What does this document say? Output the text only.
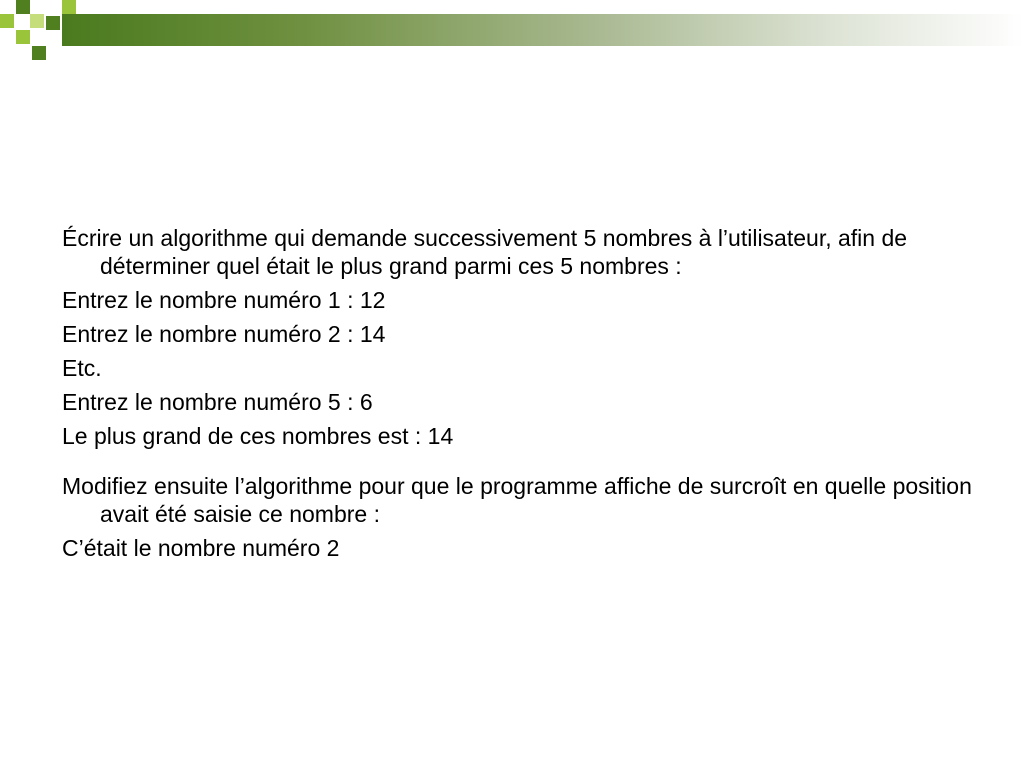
Écrire un algorithme qui demande successivement 5 nombres à l’utilisateur, afin de déterminer quel était le plus grand parmi ces 5 nombres :

Entrez le nombre numéro 1 : 12

Entrez le nombre numéro 2 : 14

Etc.

Entrez le nombre numéro 5 : 6

Le plus grand de ces nombres est : 14

Modifiez ensuite l’algorithme pour que le programme affiche de surcroît en quelle position avait été saisie ce nombre :

C’était le nombre numéro 2
